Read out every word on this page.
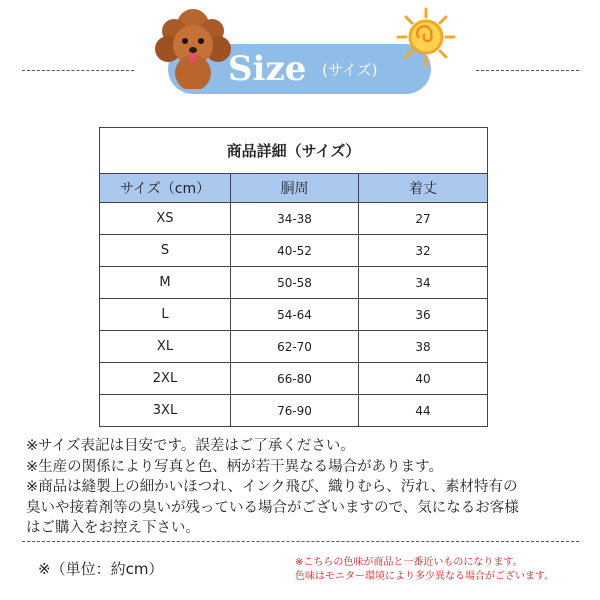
Size (サイズ)
商品詳細（サイズ）		
サイズ（cm）	胴周	着丈
XS	34-38	27
S	40-52	32
M	50-58	34
L	54-64	36
XL	62-70	38
2XL	66-80	40
3XL	76-90	44
※サイズ表記は目安です。誤差はご了承ください。
※生産の関係により写真と色、柄が若干異なる場合があります。
※商品は縫製上の細かいほつれ、インク飛び、織りむら、汚れ、素材特有の
臭いや接着剤等の臭いが残っている場合がございますので、気になるお客様
はご購入をお控え下さい。
※（単位：約cm）	※こちらの色味が商品と一番近いものになります。
色味はモニター環境により多少異なる場合がございます。
